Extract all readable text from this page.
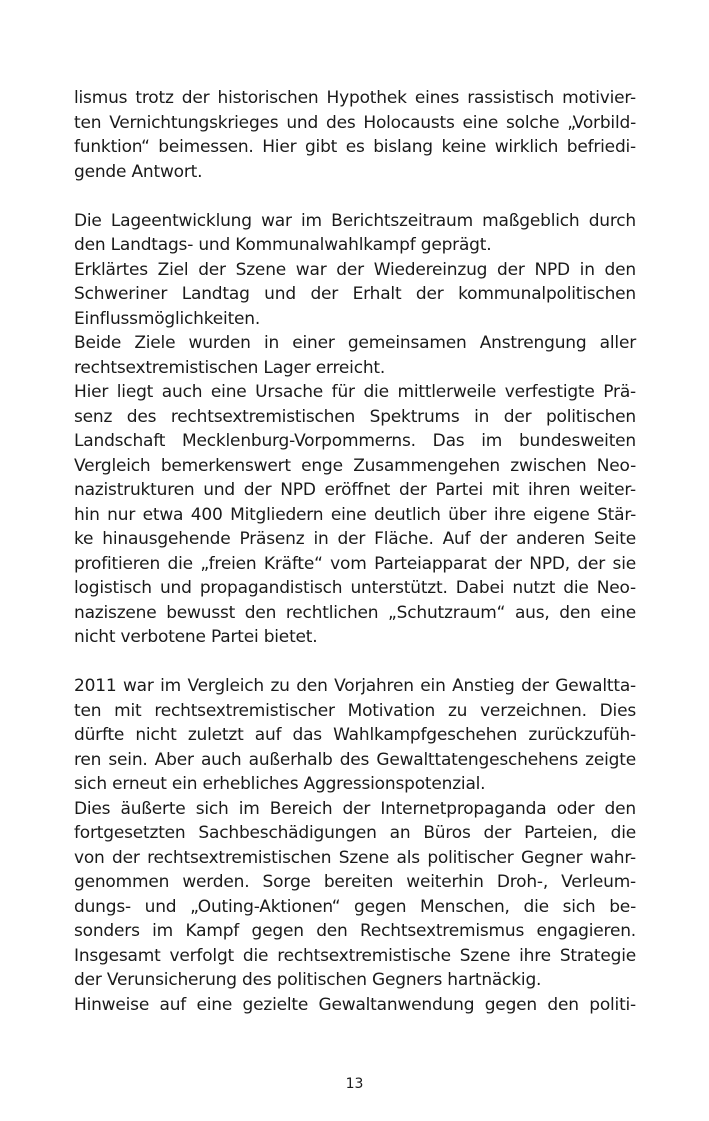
lismus trotz der historischen Hypothek eines rassistisch motivier-
ten Vernichtungskrieges und des Holocausts eine solche „Vorbild-
funktion“ beimessen. Hier gibt es bislang keine wirklich befriedi-
gende Antwort.
Die Lageentwicklung war im Berichtszeitraum maßgeblich durch
den Landtags- und Kommunalwahlkampf geprägt.
Erklärtes Ziel der Szene war der Wiedereinzug der NPD in den
Schweriner Landtag und der Erhalt der kommunalpolitischen
Einflussmöglichkeiten.
Beide Ziele wurden in einer gemeinsamen Anstrengung aller
rechtsextremistischen Lager erreicht.
Hier liegt auch eine Ursache für die mittlerweile verfestigte Prä-
senz des rechtsextremistischen Spektrums in der politischen
Landschaft Mecklenburg-Vorpommerns. Das im bundesweiten
Vergleich bemerkenswert enge Zusammengehen zwischen Neo-
nazistrukturen und der NPD eröffnet der Partei mit ihren weiter-
hin nur etwa 400 Mitgliedern eine deutlich über ihre eigene Stär-
ke hinausgehende Präsenz in der Fläche. Auf der anderen Seite
profitieren die „freien Kräfte“ vom Parteiapparat der NPD, der sie
logistisch und propagandistisch unterstützt. Dabei nutzt die Neo-
naziszene bewusst den rechtlichen „Schutzraum“ aus, den eine
nicht verbotene Partei bietet.
2011 war im Vergleich zu den Vorjahren ein Anstieg der Gewaltta-
ten mit rechtsextremistischer Motivation zu verzeichnen. Dies
dürfte nicht zuletzt auf das Wahlkampfgeschehen zurückzufüh-
ren sein. Aber auch außerhalb des Gewalttatengeschehens zeigte
sich erneut ein erhebliches Aggressionspotenzial.
Dies äußerte sich im Bereich der Internetpropaganda oder den
fortgesetzten Sachbeschädigungen an Büros der Parteien, die
von der rechtsextremistischen Szene als politischer Gegner wahr-
genommen werden. Sorge bereiten weiterhin Droh-, Verleum-
dungs- und „Outing-Aktionen“ gegen Menschen, die sich be-
sonders im Kampf gegen den Rechtsextremismus engagieren.
Insgesamt verfolgt die rechtsextremistische Szene ihre Strategie
der Verunsicherung des politischen Gegners hartnäckig.
Hinweise auf eine gezielte Gewaltanwendung gegen den politi-
13
